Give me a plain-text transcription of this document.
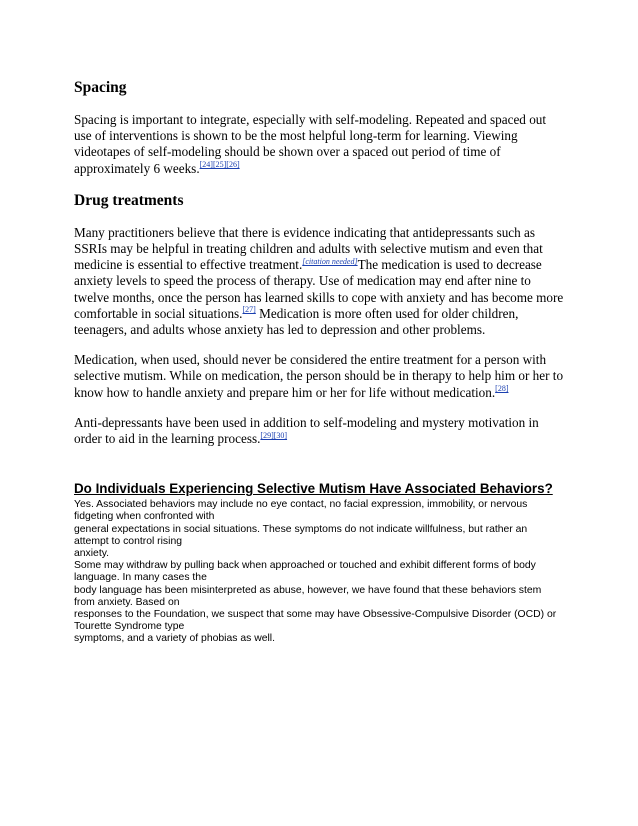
Spacing

Spacing is important to integrate, especially with self-modeling. Repeated and spaced out use of interventions is shown to be the most helpful long-term for learning. Viewing videotapes of self-modeling should be shown over a spaced out period of time of approximately 6 weeks.[24][25][26]

Drug treatments

Many practitioners believe that there is evidence indicating that antidepressants such as SSRIs may be helpful in treating children and adults with selective mutism and even that medicine is essential to effective treatment.[citation needed]The medication is used to decrease anxiety levels to speed the process of therapy. Use of medication may end after nine to twelve months, once the person has learned skills to cope with anxiety and has become more comfortable in social situations.[27] Medication is more often used for older children, teenagers, and adults whose anxiety has led to depression and other problems.

Medication, when used, should never be considered the entire treatment for a person with selective mutism. While on medication, the person should be in therapy to help him or her to know how to handle anxiety and prepare him or her for life without medication.[28]

Anti-depressants have been used in addition to self-modeling and mystery motivation in order to aid in the learning process.[29][30]

Do Individuals Experiencing Selective Mutism Have Associated Behaviors?

Yes. Associated behaviors may include no eye contact, no facial expression, immobility, or nervous

fidgeting when confronted with

general expectations in social situations. These symptoms do not indicate willfulness, but rather an

attempt to control rising

anxiety.

Some may withdraw by pulling back when approached or touched and exhibit different forms of body

language. In many cases the

body language has been misinterpreted as abuse, however, we have found that these behaviors stem

from anxiety. Based on

responses to the Foundation, we suspect that some may have Obsessive-Compulsive Disorder (OCD) or

Tourette Syndrome type

symptoms, and a variety of phobias as well.
